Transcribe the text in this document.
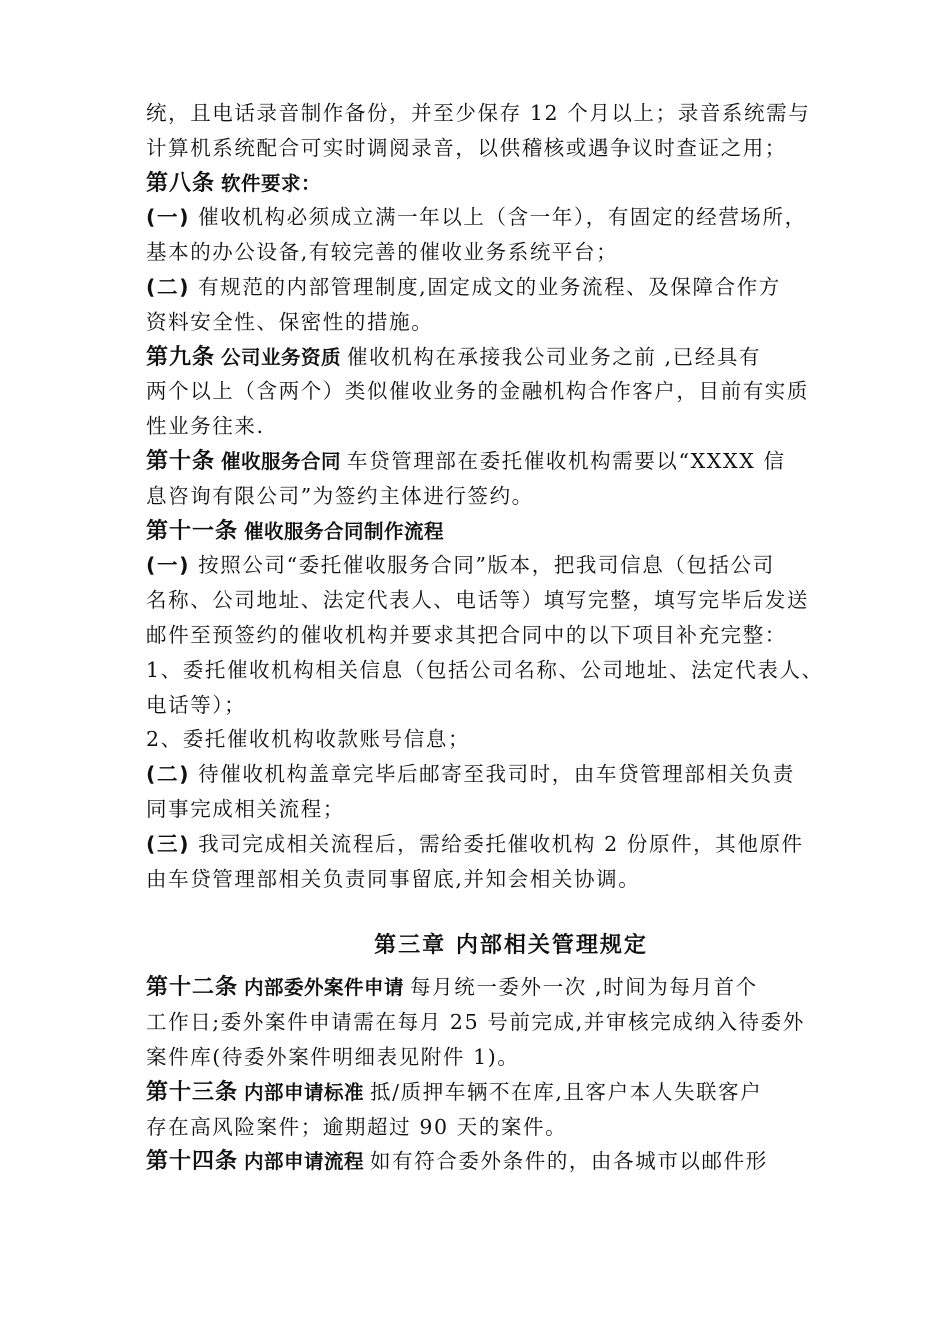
统，且电话录音制作备份，并至少保存 12 个月以上；录音系统需与
计算机系统配合可实时调阅录音，以供稽核或遇争议时查证之用；
第八条 软件要求：
(一) 催收机构必须成立满一年以上（含一年），有固定的经营场所，
基本的办公设备,有较完善的催收业务系统平台；
(二) 有规范的内部管理制度,固定成文的业务流程、及保障合作方
资料安全性、保密性的措施。
第九条 公司业务资质 催收机构在承接我公司业务之前 ,已经具有
两个以上（含两个）类似催收业务的金融机构合作客户，目前有实质
性业务往来.
第十条 催收服务合同 车贷管理部在委托催收机构需要以“XXXX 信
息咨询有限公司”为签约主体进行签约。
第十一条 催收服务合同制作流程
(一) 按照公司“委托催收服务合同”版本，把我司信息（包括公司
名称、公司地址、法定代表人、电话等）填写完整，填写完毕后发送
邮件至预签约的催收机构并要求其把合同中的以下项目补充完整：
1、委托催收机构相关信息（包括公司名称、公司地址、法定代表人、
电话等）；
2、委托催收机构收款账号信息；
(二) 待催收机构盖章完毕后邮寄至我司时，由车贷管理部相关负责
同事完成相关流程；
(三) 我司完成相关流程后，需给委托催收机构 2 份原件，其他原件
由车贷管理部相关负责同事留底,并知会相关协调。
第三章 内部相关管理规定
第十二条 内部委外案件申请 每月统一委外一次 ,时间为每月首个
工作日;委外案件申请需在每月 25 号前完成,并审核完成纳入待委外
案件库(待委外案件明细表见附件 1)。
第十三条 内部申请标准 抵/质押车辆不在库,且客户本人失联客户
存在高风险案件；逾期超过 90 天的案件。
第十四条 内部申请流程 如有符合委外条件的，由各城市以邮件形
